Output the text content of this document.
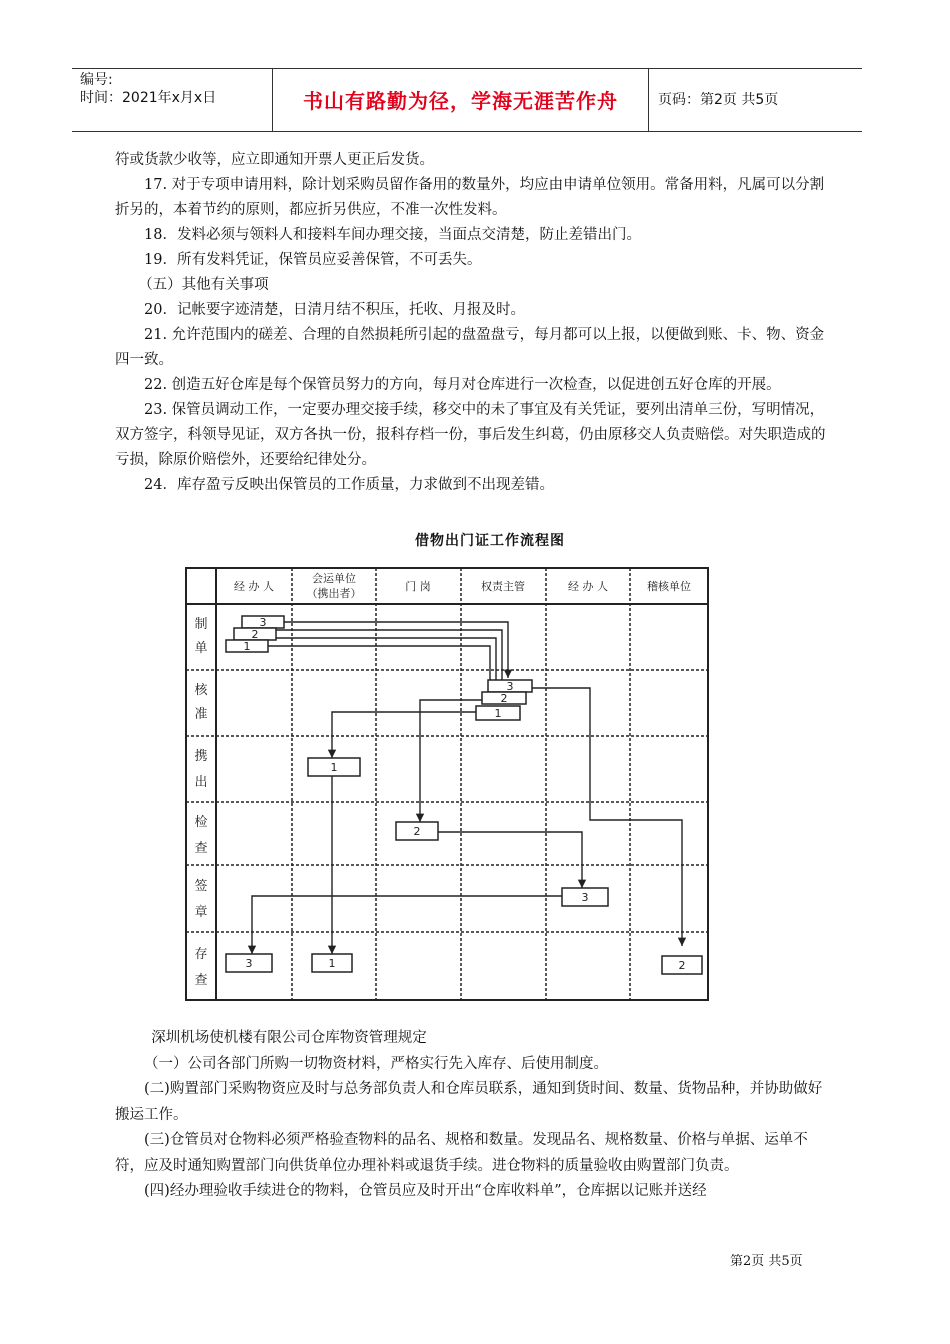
编号:
时间：2021年x月x日	书山有路勤为径，学海无涯苦作舟	页码：第2页 共5页

符或货款少收等，应立即通知开票人更正后发货。

17. 对于专项申请用料，除计划采购员留作备用的数量外，均应由申请单位领用。常备用料，凡属可以分割折另的，本着节约的原则，都应折另供应，不准一次性发料。

18．发料必须与领料人和接料车间办理交接，当面点交清楚，防止差错出门。

19．所有发料凭证，保管员应妥善保管，不可丢失。

（五）其他有关事项

20．记帐要字迹清楚，日清月结不积压，托收、月报及时。

21. 允许范围内的磋差、合理的自然损耗所引起的盘盈盘亏，每月都可以上报，以便做到账、卡、物、资金四一致。

22. 创造五好仓库是每个保管员努力的方向，每月对仓库进行一次检查，以促进创五好仓库的开展。

23. 保管员调动工作，一定要办理交接手续，移交中的未了事宜及有关凭证，要列出清单三份，写明情况，双方签字，科领导见证，双方各执一份，报科存档一份，事后发生纠葛，仍由原移交人负责赔偿。对失职造成的亏损，除原价赔偿外，还要给纪律处分。

24．库存盈亏反映出保管员的工作质量，力求做到不出现差错。

借物出门证工作流程图
经 办 人
会运单位
（携出者）
门 岗	权责主管	经 办 人	稽核单位
制
单
核
准
携
出
检
查
签
章
存
查
3
2
1
3
2
1
1
2
3
3	1	2

深圳机场使机楼有限公司仓库物资管理规定

（一）公司各部门所购一切物资材料，严格实行先入库存、后使用制度。

(二)购置部门采购物资应及时与总务部负责人和仓库员联系，通知到货时间、数量、货物品种，并协助做好搬运工作。

(三)仓管员对仓物料必须严格验查物料的品名、规格和数量。发现品名、规格数量、价格与单据、运单不符，应及时通知购置部门向供货单位办理补料或退货手续。进仓物料的质量验收由购置部门负责。

(四)经办理验收手续进仓的物料，仓管员应及时开出“仓库收料单”，仓库据以记账并送经

第2页 共5页
